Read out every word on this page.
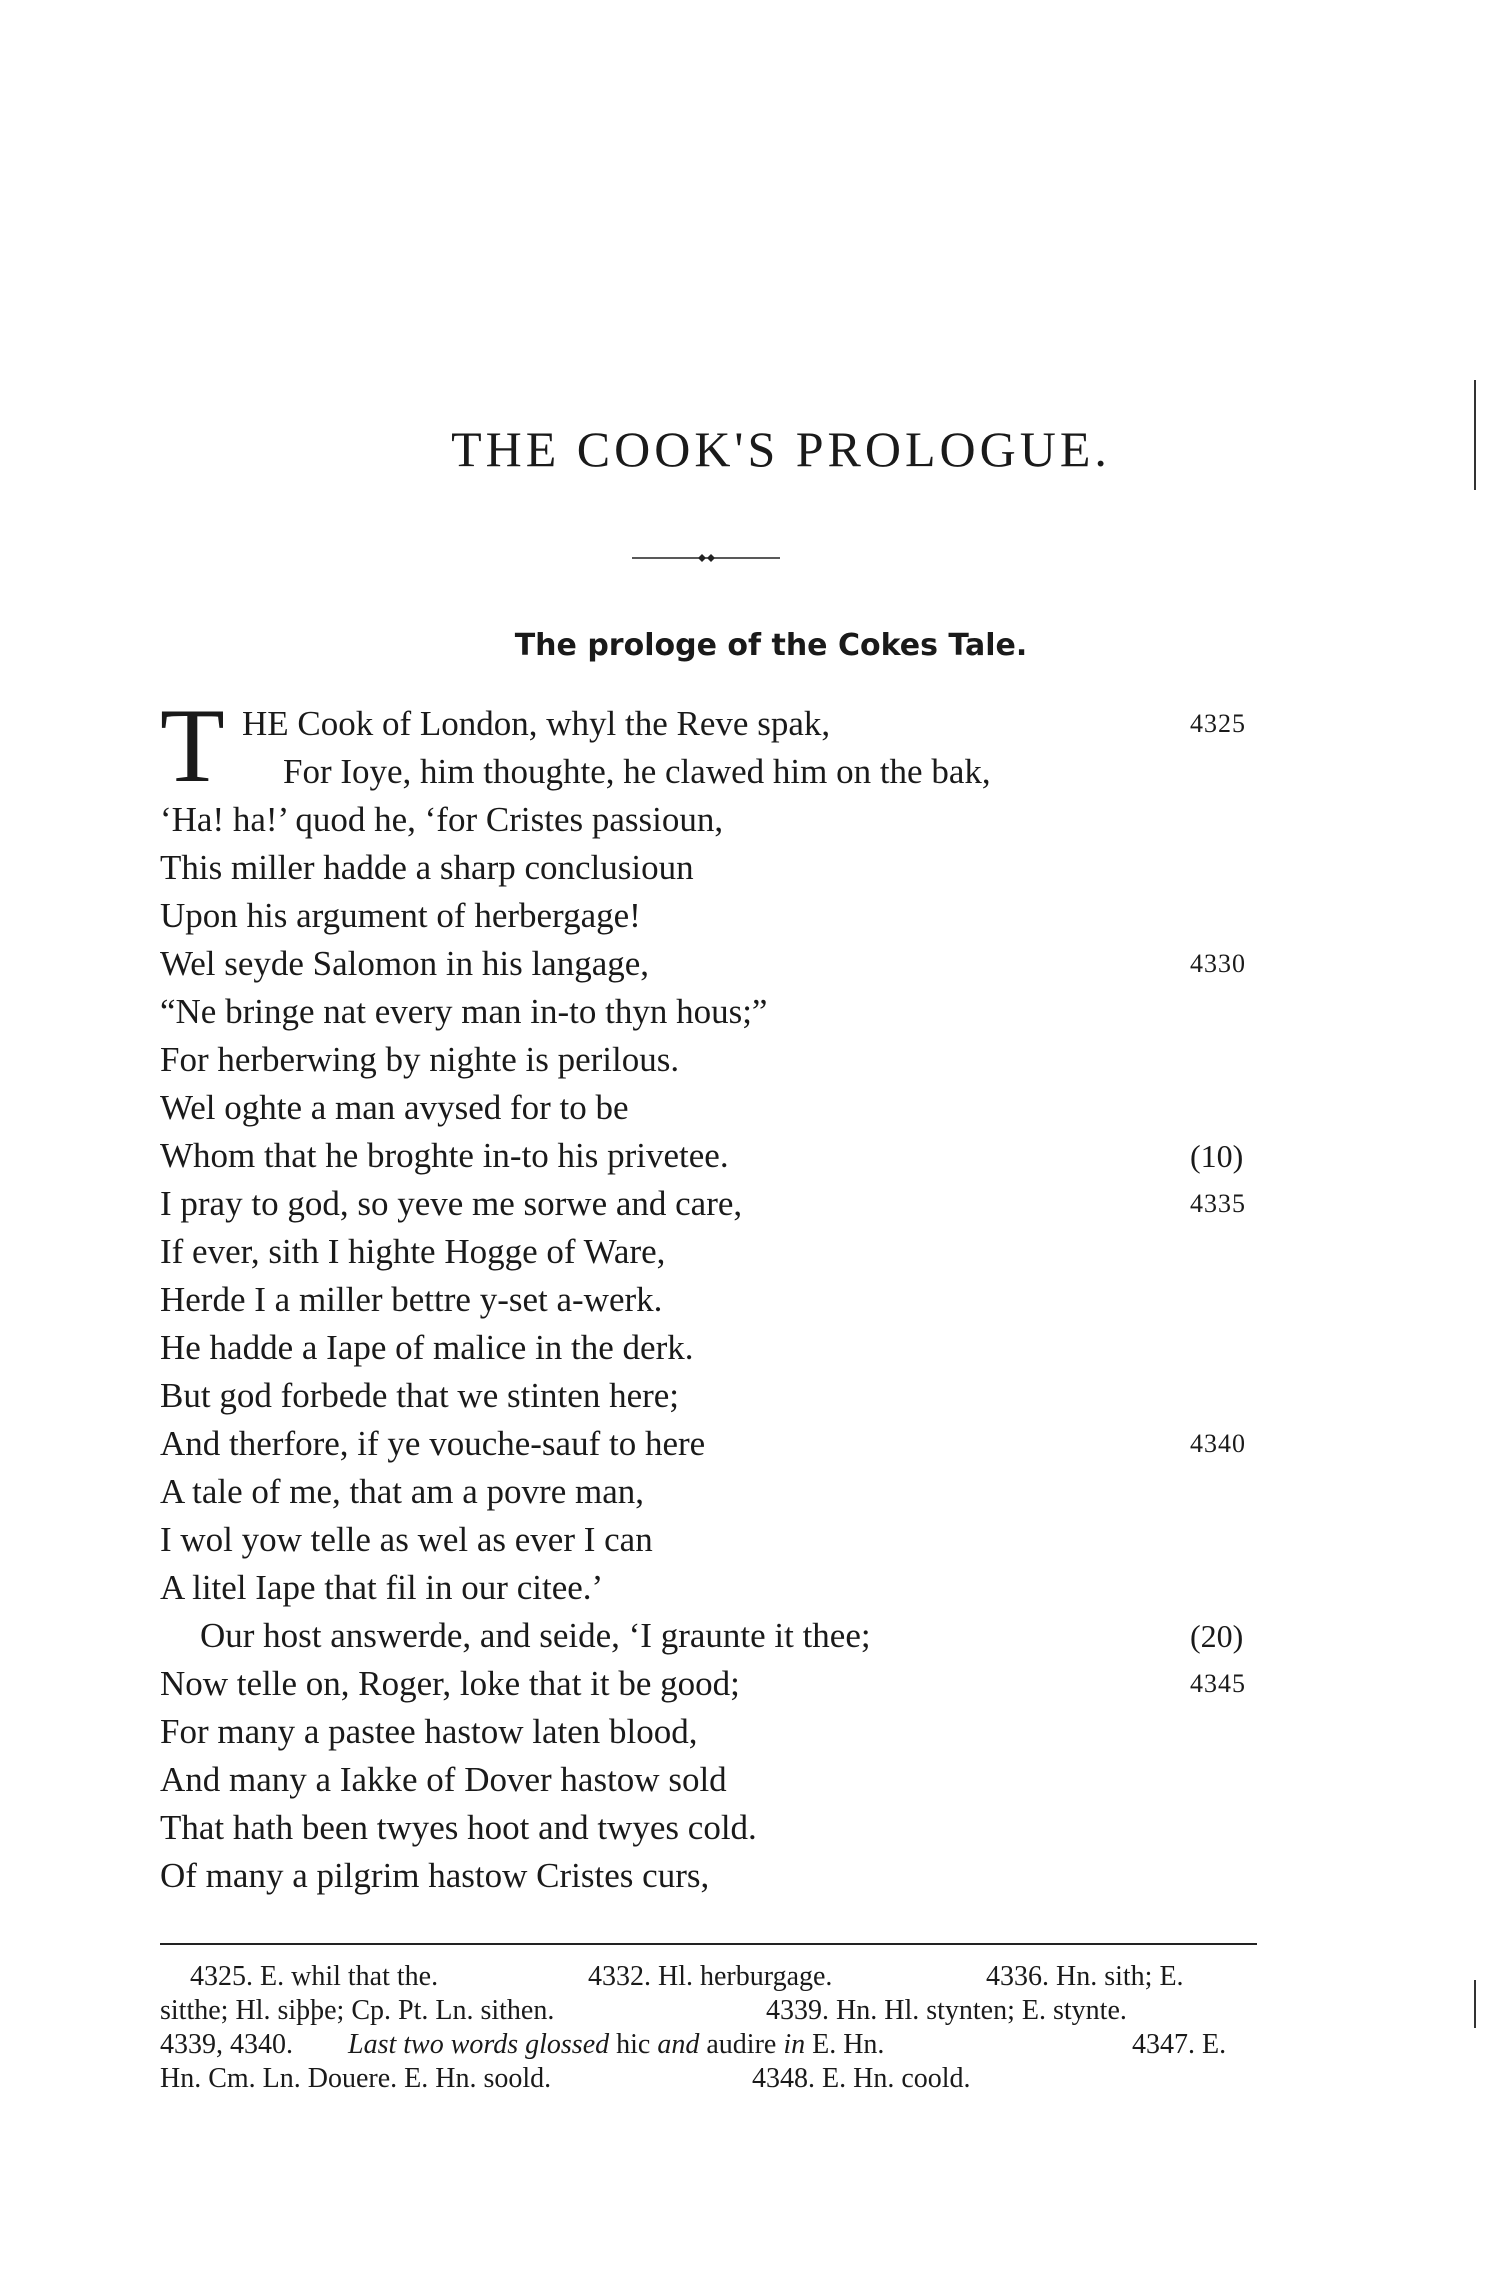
THE COOK'S PROLOGUE.
The prologe of the Cokes Tale.
T HE Cook of London, whyl the Reve spak,	4325
For Ioye, him thoughte, he clawed him on the bak,
‘Ha! ha!’ quod he, ‘for Cristes passioun,
This miller hadde a sharp conclusioun
Upon his argument of herbergage!
Wel seyde Salomon in his langage,	4330
“Ne bringe nat every man in-to thyn hous;”
For herberwing by nighte is perilous.
Wel oghte a man avysed for to be
Whom that he broghte in-to his privetee.	(10)
I pray to god, so yeve me sorwe and care,	4335
If ever, sith I highte Hogge of Ware,
Herde I a miller bettre y-set a-werk.
He hadde a Iape of malice in the derk.
But god forbede that we stinten here;
And therfore, if ye vouche-sauf to here	4340
A tale of me, that am a povre man,
I wol yow telle as wel as ever I can
A litel Iape that fil in our citee.’
Our host answerde, and seide, ‘I graunte it thee;	(20)
Now telle on, Roger, loke that it be good;	4345
For many a pastee hastow laten blood,
And many a Iakke of Dover hastow sold
That hath been twyes hoot and twyes cold.
Of many a pilgrim hastow Cristes curs,
4325. E. whil that the.	4332. Hl. herburgage.	4336. Hn. sith; E.
sitthe; Hl. siþþe; Cp. Pt. Ln. sithen.	4339. Hn. Hl. stynten; E. stynte.
4339, 4340. Last two words glossed hic and audire in E. Hn.	4347. E.
Hn. Cm. Ln. Douere. E. Hn. soold.	4348. E. Hn. coold.
